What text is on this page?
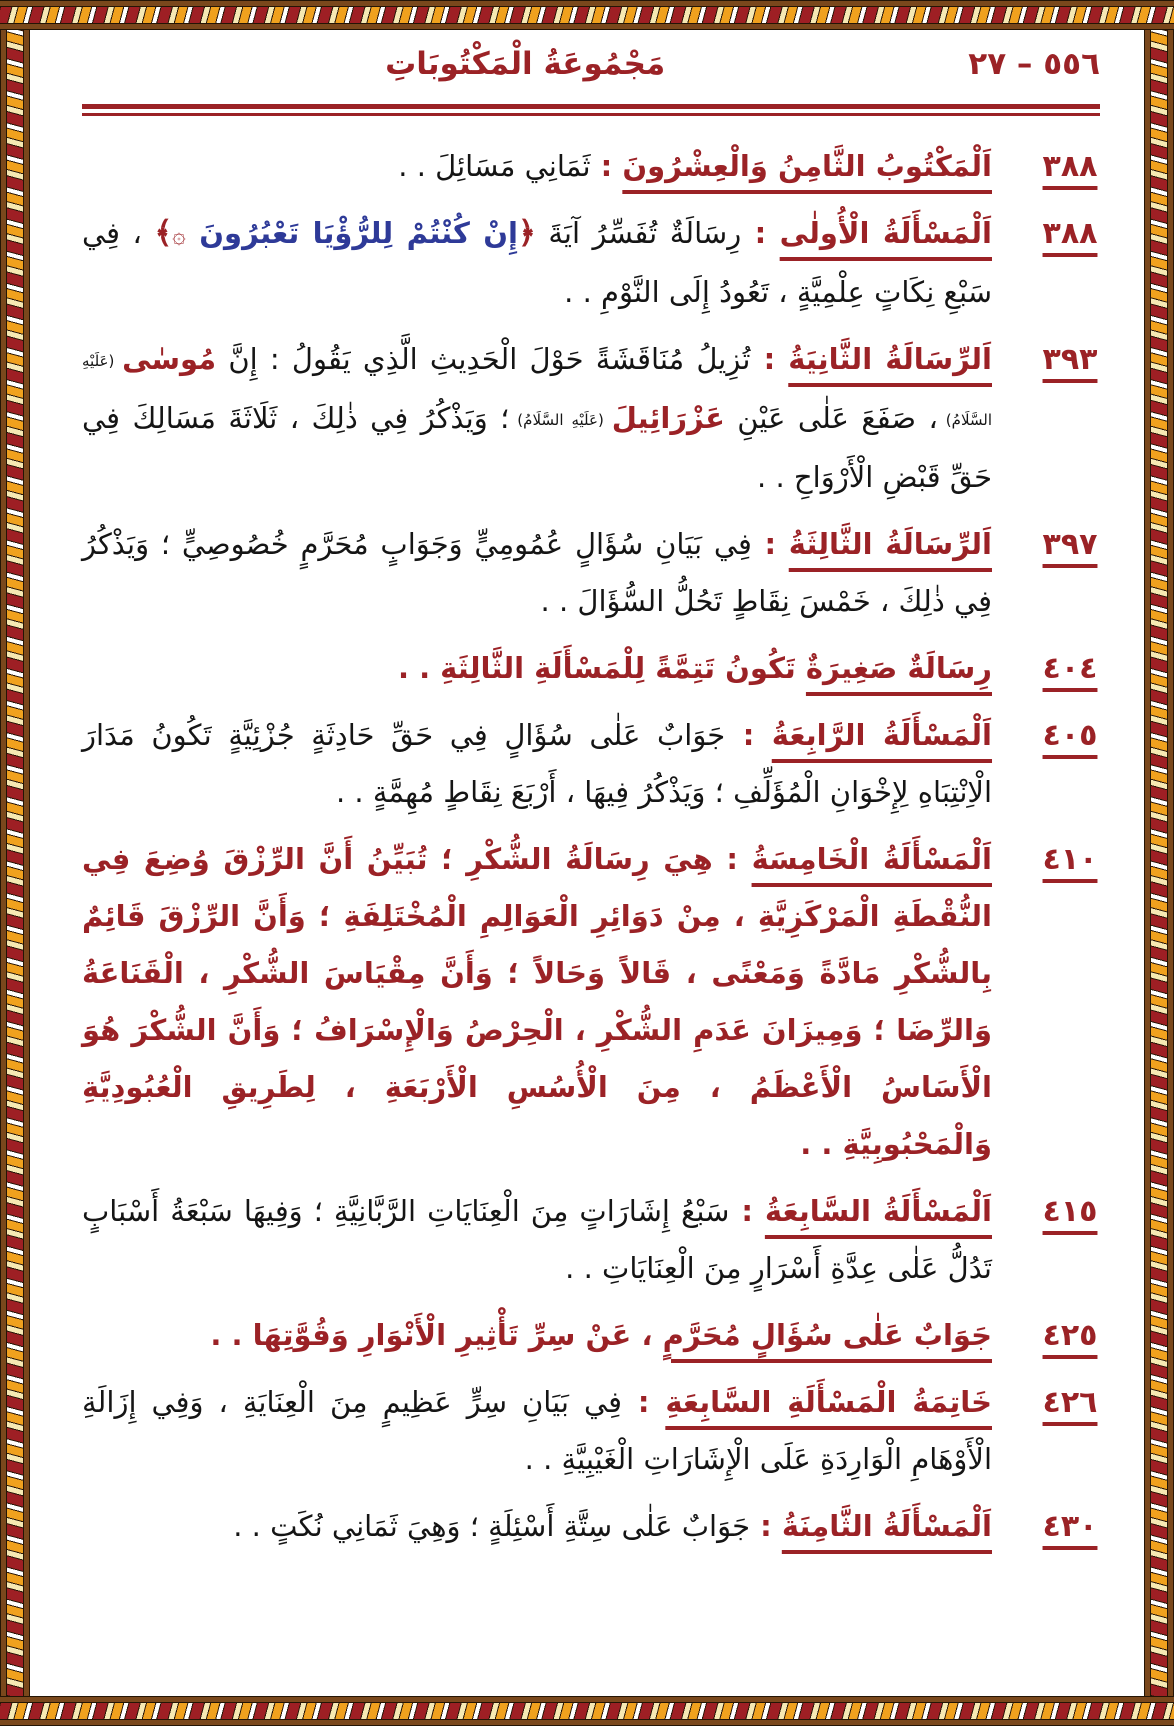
٥٥٦ – ٢٧
مَجْمُوعَةُ الْمَكْتُوبَاتِ
٣٨٨
اَلْمَكْتُوبُ الثَّامِنُ وَالْعِشْرُونَ : ثَمَانِي مَسَائِلَ . .
٣٨٨
اَلْمَسْأَلَةُ الْأُولٰى : رِسَالَةٌ تُفَسِّرُ آيَةَ ﴿إِنْ كُنْتُمْ لِلرُّؤْيَا تَعْبُرُونَ ۞﴾ ، فِي سَبْعِ نِكَاتٍ عِلْمِيَّةٍ ، تَعُودُ إِلَى النَّوْمِ . .
٣٩٣
اَلرِّسَالَةُ الثَّانِيَةُ : تُزِيلُ مُنَاقَشَةً حَوْلَ الْحَدِيثِ الَّذِي يَقُولُ : إِنَّ مُوسٰى (عَلَيْهِ السَّلَامُ) ، صَفَعَ عَلٰى عَيْنِ عَزْرَائِيلَ (عَلَيْهِ السَّلَامُ) ؛ وَيَذْكُرُ فِي ذٰلِكَ ، ثَلَاثَةَ مَسَالِكَ فِي حَقِّ قَبْضِ الْأَرْوَاحِ . .
٣٩٧
اَلرِّسَالَةُ الثَّالِثَةُ : فِي بَيَانِ سُؤَالٍ عُمُومِيٍّ وَجَوَابٍ مُحَرَّمٍ خُصُوصِيٍّ ؛ وَيَذْكُرُ فِي ذٰلِكَ ، خَمْسَ نِقَاطٍ تَحُلُّ السُّؤَالَ . .
٤٠٤
رِسَالَةٌ صَغِيرَةٌ تَكُونُ تَتِمَّةً لِلْمَسْأَلَةِ الثَّالِثَةِ . .
٤٠٥
اَلْمَسْأَلَةُ الرَّابِعَةُ : جَوَابٌ عَلٰى سُؤَالٍ فِي حَقِّ حَادِثَةٍ جُزْئِيَّةٍ تَكُونُ مَدَارَ الْاِنْتِبَاهِ لِإِخْوَانِ الْمُؤَلِّفِ ؛ وَيَذْكُرُ فِيهَا ، أَرْبَعَ نِقَاطٍ مُهِمَّةٍ . .
٤١٠
اَلْمَسْأَلَةُ الْخَامِسَةُ : هِيَ رِسَالَةُ الشُّكْرِ ؛ تُبَيِّنُ أَنَّ الرِّزْقَ وُضِعَ فِي النُّقْطَةِ الْمَرْكَزِيَّةِ ، مِنْ دَوَائِرِ الْعَوَالِمِ الْمُخْتَلِفَةِ ؛ وَأَنَّ الرِّزْقَ قَائِمٌ بِالشُّكْرِ مَادَّةً وَمَعْنًى ، قَالاً وَحَالاً ؛ وَأَنَّ مِقْيَاسَ الشُّكْرِ ، الْقَنَاعَةُ وَالرِّضَا ؛ وَمِيزَانَ عَدَمِ الشُّكْرِ ، الْحِرْصُ وَالْإِسْرَافُ ؛ وَأَنَّ الشُّكْرَ هُوَ الْأَسَاسُ الْأَعْظَمُ ، مِنَ الْأُسُسِ الْأَرْبَعَةِ ، لِطَرِيقِ الْعُبُودِيَّةِ وَالْمَحْبُوبِيَّةِ . .
٤١٥
اَلْمَسْأَلَةُ السَّابِعَةُ : سَبْعُ إِشَارَاتٍ مِنَ الْعِنَايَاتِ الرَّبَّانِيَّةِ ؛ وَفِيهَا سَبْعَةُ أَسْبَابٍ تَدُلُّ عَلٰى عِدَّةِ أَسْرَارٍ مِنَ الْعِنَايَاتِ . .
٤٢٥
جَوَابٌ عَلٰى سُؤَالٍ مُحَرَّمٍ ، عَنْ سِرِّ تَأْثِيرِ الْأَنْوَارِ وَقُوَّتِهَا . .
٤٢٦
خَاتِمَةُ الْمَسْأَلَةِ السَّابِعَةِ : فِي بَيَانِ سِرٍّ عَظِيمٍ مِنَ الْعِنَايَةِ ، وَفِي إِزَالَةِ الْأَوْهَامِ الْوَارِدَةِ عَلَى الْإِشَارَاتِ الْغَيْبِيَّةِ . .
٤٣٠
اَلْمَسْأَلَةُ الثَّامِنَةُ : جَوَابٌ عَلٰى سِتَّةِ أَسْئِلَةٍ ؛ وَهِيَ ثَمَانِي نُكَتٍ . .
